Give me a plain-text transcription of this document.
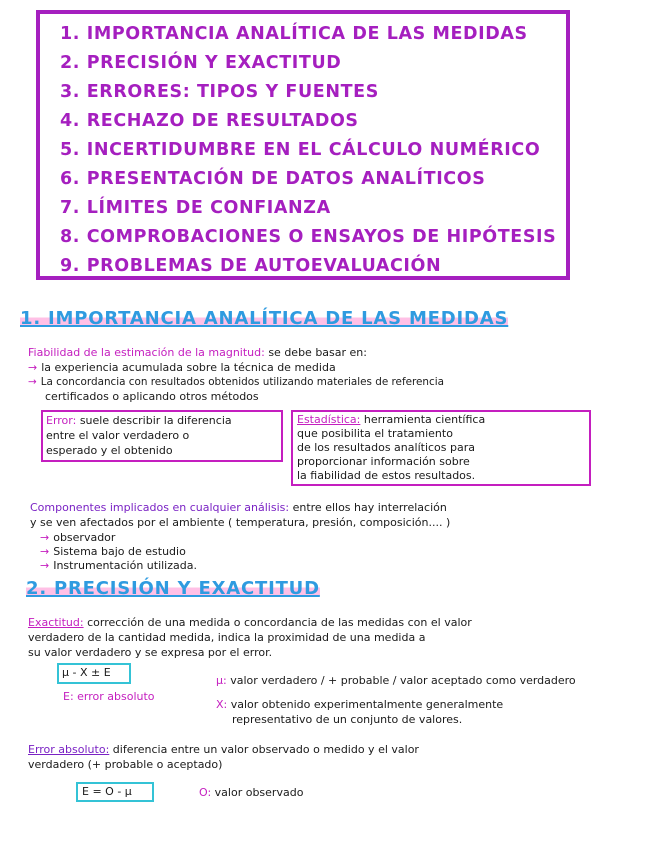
1. IMPORTANCIA ANALÍTICA DE LAS MEDIDAS
2. PRECISIÓN Y EXACTITUD
3. ERRORES: TIPOS Y FUENTES
4. RECHAZO DE RESULTADOS
5. INCERTIDUMBRE EN EL CÁLCULO NUMÉRICO
6. PRESENTACIÓN DE DATOS ANALÍTICOS
7. LÍMITES DE CONFIANZA
8. COMPROBACIONES O ENSAYOS DE HIPÓTESIS
9. PROBLEMAS DE AUTOEVALUACIÓN
1. IMPORTANCIA ANALÍTICA DE LAS MEDIDAS
Fiabilidad de la estimación de la magnitud: se debe basar en:
→ la experiencia acumulada sobre la técnica de medida
→ La concordancia con resultados obtenidos utilizando materiales de referencia
certificados o aplicando otros métodos
Error: suele describir la diferencia
entre el valor verdadero o
esperado y el obtenido
Estadística: herramienta científica
que posibilita el tratamiento
de los resultados analíticos para
proporcionar información sobre
la fiabilidad de estos resultados.
Componentes implicados en cualquier análisis: entre ellos hay interrelación
y se ven afectados por el ambiente ( temperatura, presión, composición.... )
→ observador
→ Sistema bajo de estudio
→ Instrumentación utilizada.
2. PRECISIÓN Y EXACTITUD
Exactitud: corrección de una medida o concordancia de las medidas con el valor
verdadero de la cantidad medida, indica la proximidad de una medida a
su valor verdadero y se expresa por el error.
μ - X ± E
E: error absoluto
μ: valor verdadero / + probable / valor aceptado como verdadero
X: valor obtenido experimentalmente generalmente
representativo de un conjunto de valores.
Error absoluto: diferencia entre un valor observado o medido y el valor
verdadero (+ probable o aceptado)
E = O - μ	O: valor observado
